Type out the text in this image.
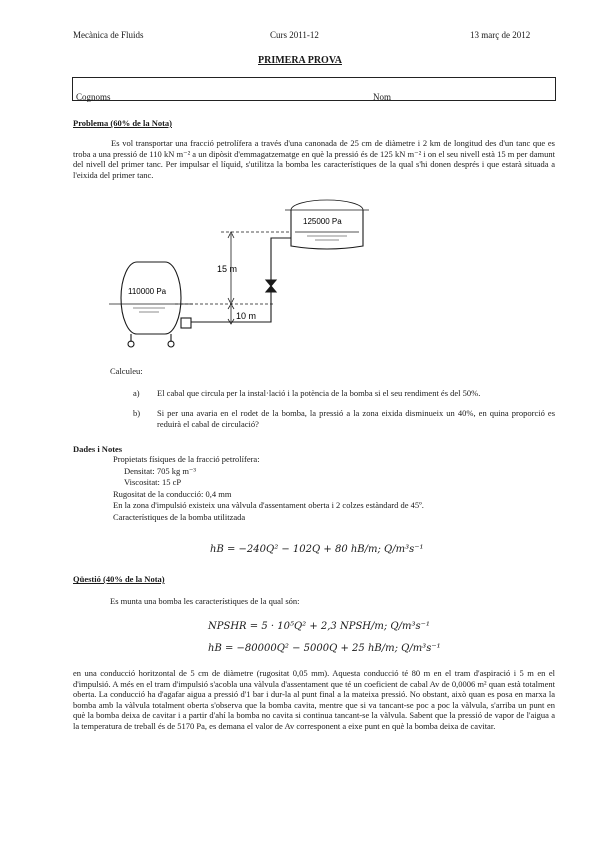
Mecànica de Fluids	Curs 2011-12	13 març de 2012
PRIMERA PROVA
Cognoms	Nom
Problema (60% de la Nota)
Es vol transportar una fracció petrolífera a través d'una canonada de 25 cm de diàmetre i 2 km de longitud des d'un tanc que es troba a una pressió de 110 kN m⁻² a un dipòsit d'emmagatzematge en què la pressió és de 125 kN m⁻² i on el seu nivell està 15 m per damunt del nivell del primer tanc. Per impulsar el líquid, s'utilitza la bomba les característiques de la qual s'hi donen després i que estarà situada a l'eixida del primer tanc.
110000 Pa
125000 Pa
15 m
10 m
Calculeu:
a) El cabal que circula per la instal·lació i la potència de la bomba si el seu rendiment és del 50%.
b) Si per una avaria en el rodet de la bomba, la pressió a la zona eixida disminueix un 40%, en quina proporció es reduirà el cabal de circulació?
Dades i Notes
Propietats físiques de la fracció petrolífera:
Densitat: 705 kg m⁻³
Viscositat: 15 cP
Rugositat de la conducció: 0,4 mm
En la zona d'impulsió existeix una vàlvula d'assentament oberta i 2 colzes estàndard de 45º.
Característiques de la bomba utilitzada
hB = −240Q² − 102Q + 80 hB/m; Q/m³s⁻¹
Qüestió (40% de la Nota)
Es munta una bomba les característiques de la qual són:
NPSHR = 5 · 10⁵Q² + 2,3 NPSH/m; Q/m³s⁻¹
hB = −80000Q² − 5000Q + 25 hB/m; Q/m³s⁻¹
en una conducció horitzontal de 5 cm de diàmetre (rugositat 0,05 mm). Aquesta conducció té 80 m en el tram d'aspiració i 5 m en el d'impulsió. A més en el tram d'impulsió s'acobla una vàlvula d'assentament que té un coeficient de cabal Av de 0,0006 m² quan està totalment oberta. La conducció ha d'agafar aigua a pressió d'1 bar i dur-la al punt final a la mateixa pressió. No obstant, això quan es posa en marxa la bomba amb la vàlvula totalment oberta s'observa que la bomba cavita, mentre que si va tancant-se poc a poc la vàlvula, s'arriba un punt en què la bomba deixa de cavitar i a partir d'ahí la bomba no cavita si continua tancant-se la vàlvula. Sabent que la pressió de vapor de l'aigua a la temperatura de treball és de 5170 Pa, es demana el valor de Av corresponent a eixe punt en què la bomba deixa de cavitar.
